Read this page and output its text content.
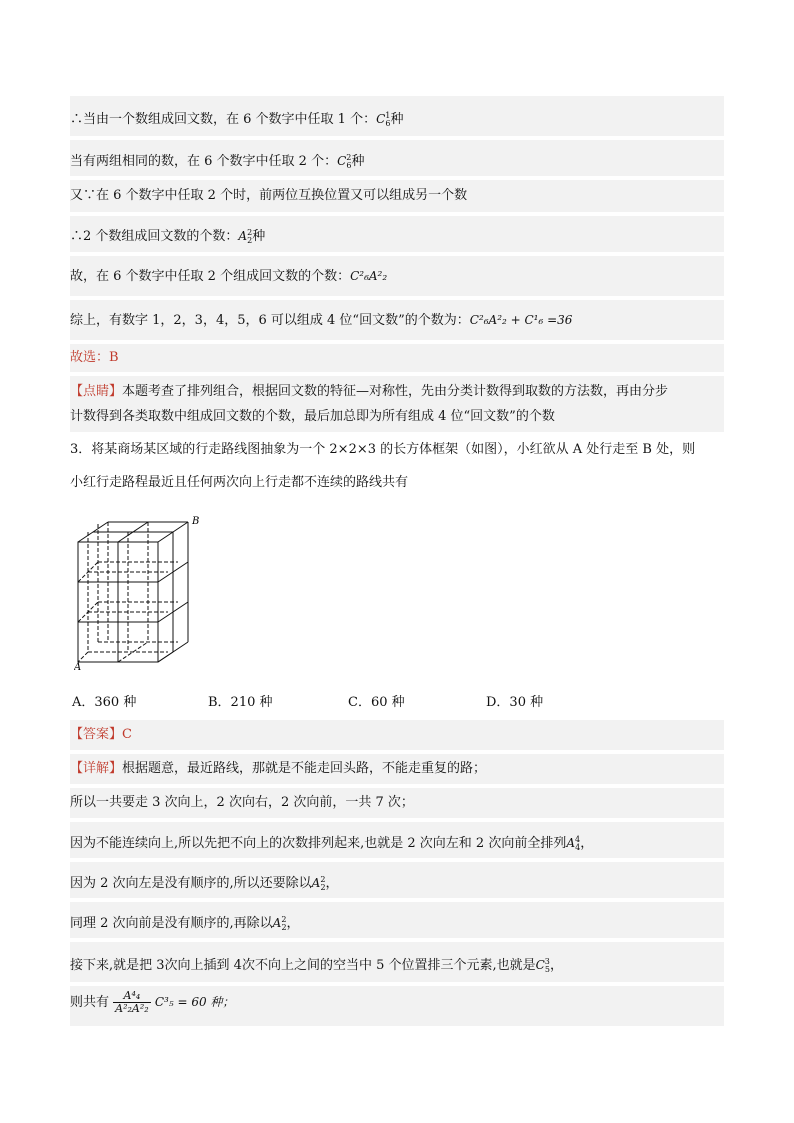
∴当由一个数组成回文数，在 6 个数字中任取 1 个：$C^1_6$种
当有两组相同的数，在 6 个数字中任取 2 个：$C^2_6$种
又∵在 6 个数字中任取 2 个时，前两位互换位置又可以组成另一个数
∴2 个数组成回文数的个数：$A^2_2$种
故，在 6 个数字中任取 2 个组成回文数的个数：C²₆A²₂
综上，有数字 1，2，3，4，5，6 可以组成 4 位“回文数”的个数为：C²₆A²₂ + C¹₆ =36
故选：B
【点睛】本题考查了排列组合，根据回文数的特征—对称性，先由分类计数得到取数的方法数，再由分步
计数得到各类取数中组成回文数的个数，最后加总即为所有组成 4 位“回文数”的个数
3．将某商场某区域的行走路线图抽象为一个 2×2×3 的长方体框架（如图），小红欲从 A 处行走至 B 处，则
小红行走路程最近且任何两次向上行走都不连续的路线共有
B
A
A．360 种	B．210 种	C．60 种	D．30 种
【答案】C
【详解】根据题意，最近路线，那就是不能走回头路，不能走重复的路；
所以一共要走 3 次向上，2 次向右，2 次向前，一共 7 次；
因为不能连续向上,所以先把不向上的次数排列起来,也就是 2 次向左和 2 次向前全排列$A^4_4$，
因为 2 次向左是没有顺序的,所以还要除以$A^2_2$，
同理 2 次向前是没有顺序的,再除以$A^2_2$，
接下来,就是把 3次向上插到 4次不向上之间的空当中 5 个位置排三个元素,也就是$C^3_5$，
则共有 $\frac{\text{A⁴₄}}{\text{A²₂A²₂}} C^3_5 = 60$ 种；
